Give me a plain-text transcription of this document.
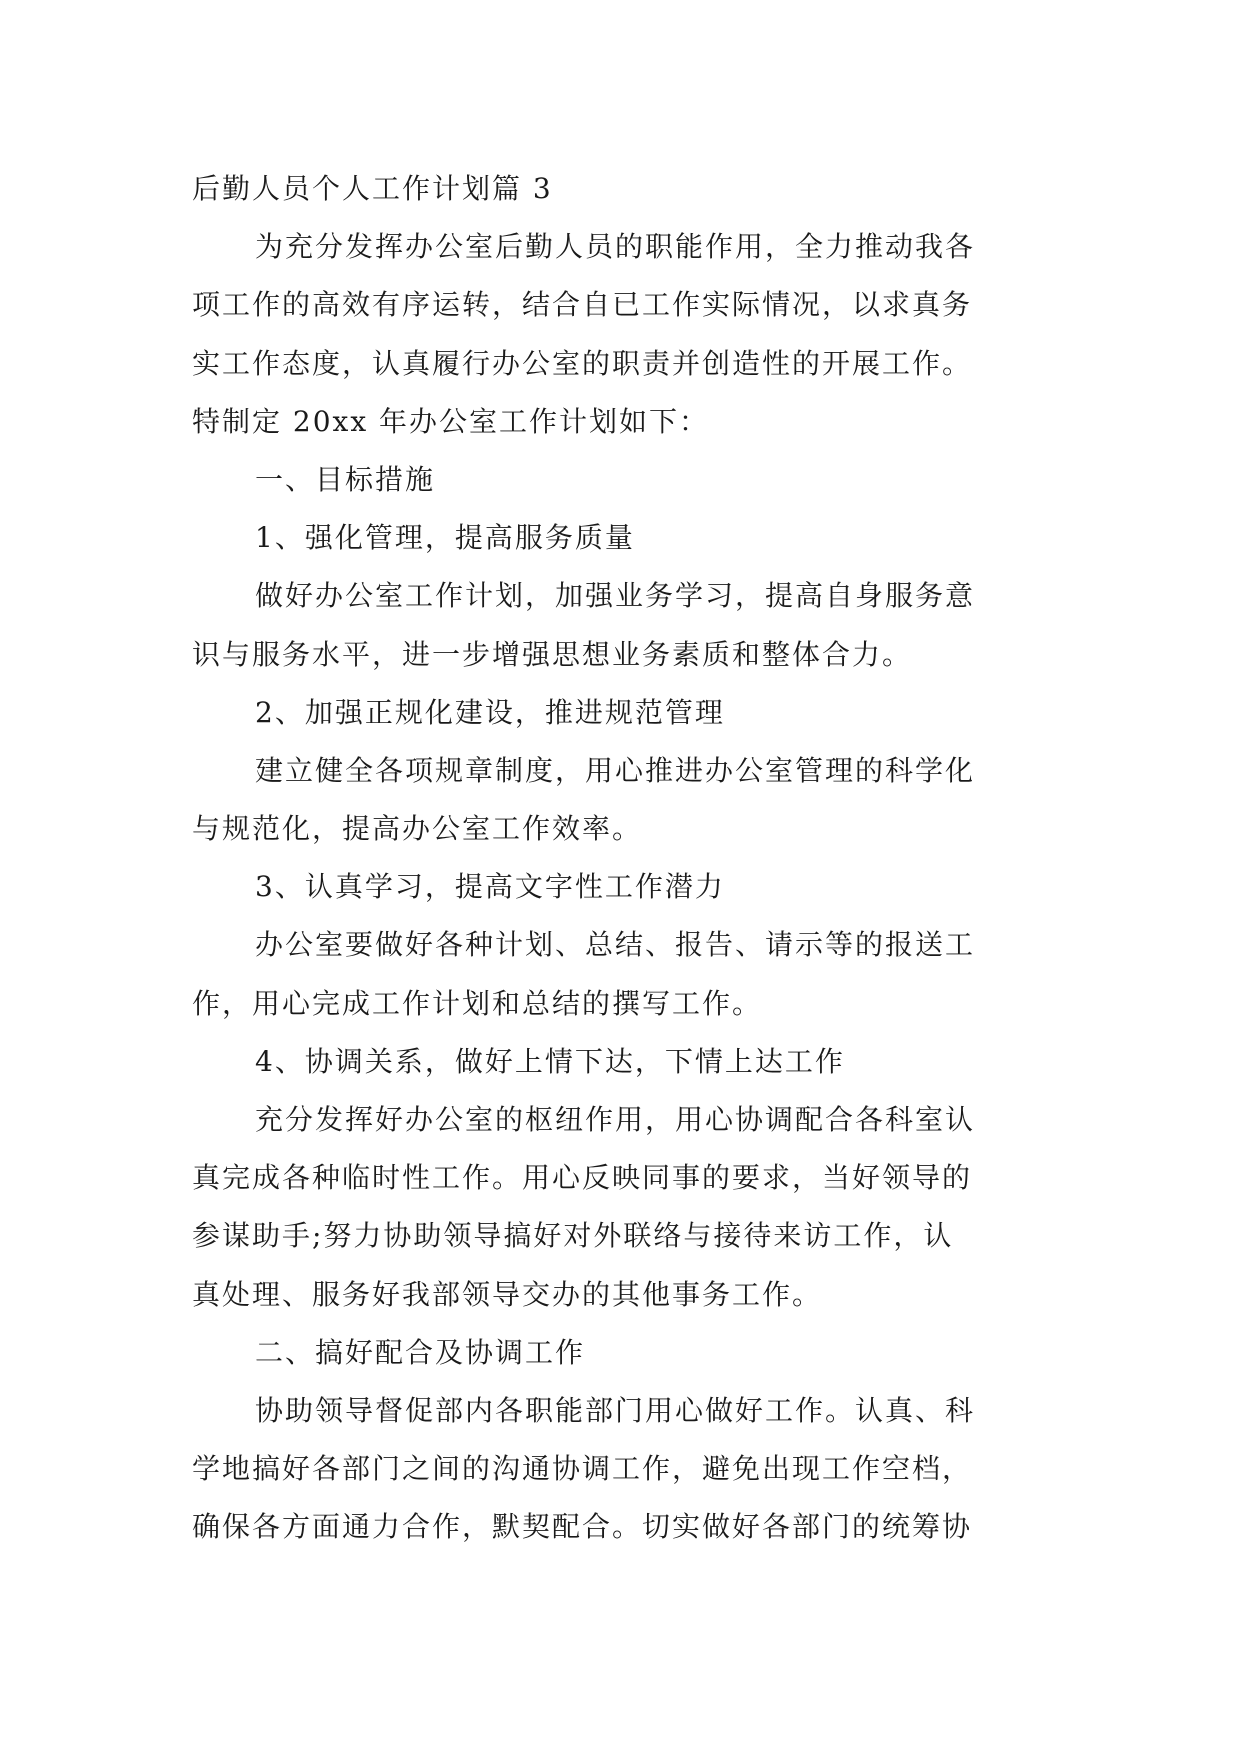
后勤人员个人工作计划篇 3
为充分发挥办公室后勤人员的职能作用，全力推动我各
项工作的高效有序运转，结合自已工作实际情况，以求真务
实工作态度，认真履行办公室的职责并创造性的开展工作。
特制定 20xx 年办公室工作计划如下：
一、目标措施
1、强化管理，提高服务质量
做好办公室工作计划，加强业务学习，提高自身服务意
识与服务水平，进一步增强思想业务素质和整体合力。
2、加强正规化建设，推进规范管理
建立健全各项规章制度，用心推进办公室管理的科学化
与规范化，提高办公室工作效率。
3、认真学习，提高文字性工作潜力
办公室要做好各种计划、总结、报告、请示等的报送工
作，用心完成工作计划和总结的撰写工作。
4、协调关系，做好上情下达，下情上达工作
充分发挥好办公室的枢纽作用，用心协调配合各科室认
真完成各种临时性工作。用心反映同事的要求，当好领导的
参谋助手;努力协助领导搞好对外联络与接待来访工作，认
真处理、服务好我部领导交办的其他事务工作。
二、搞好配合及协调工作
协助领导督促部内各职能部门用心做好工作。认真、科
学地搞好各部门之间的沟通协调工作，避免出现工作空档，
确保各方面通力合作，默契配合。切实做好各部门的统筹协
